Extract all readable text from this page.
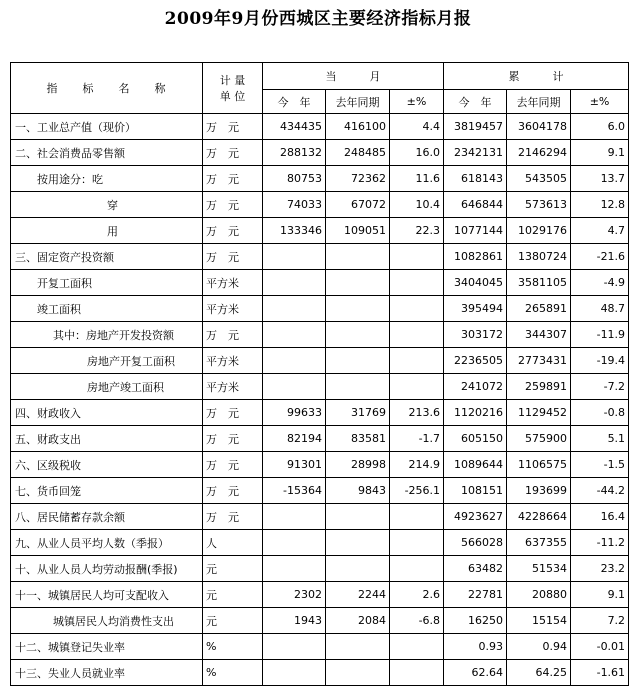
2009年9月份西城区主要经济指标月报
指　　标　　名　　称	计 量
单 位	当　　　月			累　　　计		
		今　年	去年同期	±%	今　年	去年同期	±%
一、工业总产值（现价）	万　元	434435	416100	4.4	3819457	3604178	6.0
二、社会消费品零售额	万　元	288132	248485	16.0	2342131	2146294	9.1
按用途分：吃	万　元	80753	72362	11.6	618143	543505	13.7
穿	万　元	74033	67072	10.4	646844	573613	12.8
用	万　元	133346	109051	22.3	1077144	1029176	4.7
三、固定资产投资额	万　元				1082861	1380724	-21.6
开复工面积	平方米				3404045	3581105	-4.9
竣工面积	平方米				395494	265891	48.7
其中：房地产开发投资额	万　元				303172	344307	-11.9
房地产开复工面积	平方米				2236505	2773431	-19.4
房地产竣工面积	平方米				241072	259891	-7.2
四、财政收入	万　元	99633	31769	213.6	1120216	1129452	-0.8
五、财政支出	万　元	82194	83581	-1.7	605150	575900	5.1
六、区级税收	万　元	91301	28998	214.9	1089644	1106575	-1.5
七、货币回笼	万　元	-15364	9843	-256.1	108151	193699	-44.2
八、居民储蓄存款余额	万　元				4923627	4228664	16.4
九、从业人员平均人数（季报）	人				566028	637355	-11.2
十、从业人员人均劳动报酬(季报)	元				63482	51534	23.2
十一、城镇居民人均可支配收入	元	2302	2244	2.6	22781	20880	9.1
城镇居民人均消费性支出	元	1943	2084	-6.8	16250	15154	7.2
十二、城镇登记失业率	%				0.93	0.94	-0.01
十三、失业人员就业率	%				62.64	64.25	-1.61
